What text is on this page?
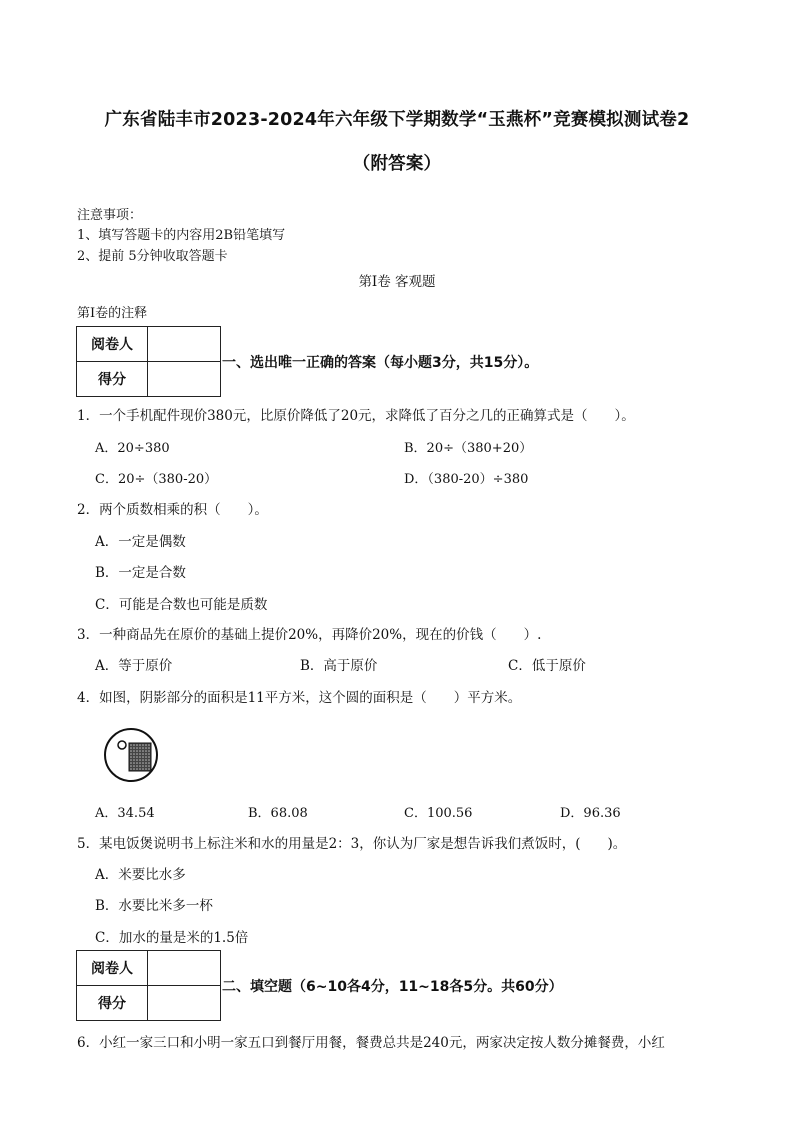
广东省陆丰市2023-2024年六年级下学期数学“玉燕杯”竞赛模拟测试卷2
（附答案）
注意事项：
1、填写答题卡的内容用2B铅笔填写
2、提前 5分钟收取答题卡
第Ⅰ卷 客观题
第Ⅰ卷的注释
阅卷人	
得分	
一、选出唯一正确的答案（每小题3分，共15分）。
1．一个手机配件现价380元，比原价降低了20元，求降低了百分之几的正确算式是（　　）。
A．20÷380	B．20÷（380+20）
C．20÷（380-20）	D．（380-20）÷380
2．两个质数相乘的积（　　）。
A．一定是偶数
B．一定是合数
C．可能是合数也可能是质数
3．一种商品先在原价的基础上提价20%，再降价20%，现在的价钱（　　）.
A．等于原价	B．高于原价	C．低于原价
4．如图，阴影部分的面积是11平方米，这个圆的面积是（　　）平方米。
A．34.54	B．68.08	C．100.56	D．96.36
5．某电饭煲说明书上标注米和水的用量是2：3，你认为厂家是想告诉我们煮饭时，(　　)。
A．米要比水多
B．水要比米多一杯
C．加水的量是米的1.5倍
阅卷人	
得分	
二、填空题（6~10各4分，11~18各5分。共60分）
6．小红一家三口和小明一家五口到餐厅用餐，餐费总共是240元，两家决定按人数分摊餐费，小红
